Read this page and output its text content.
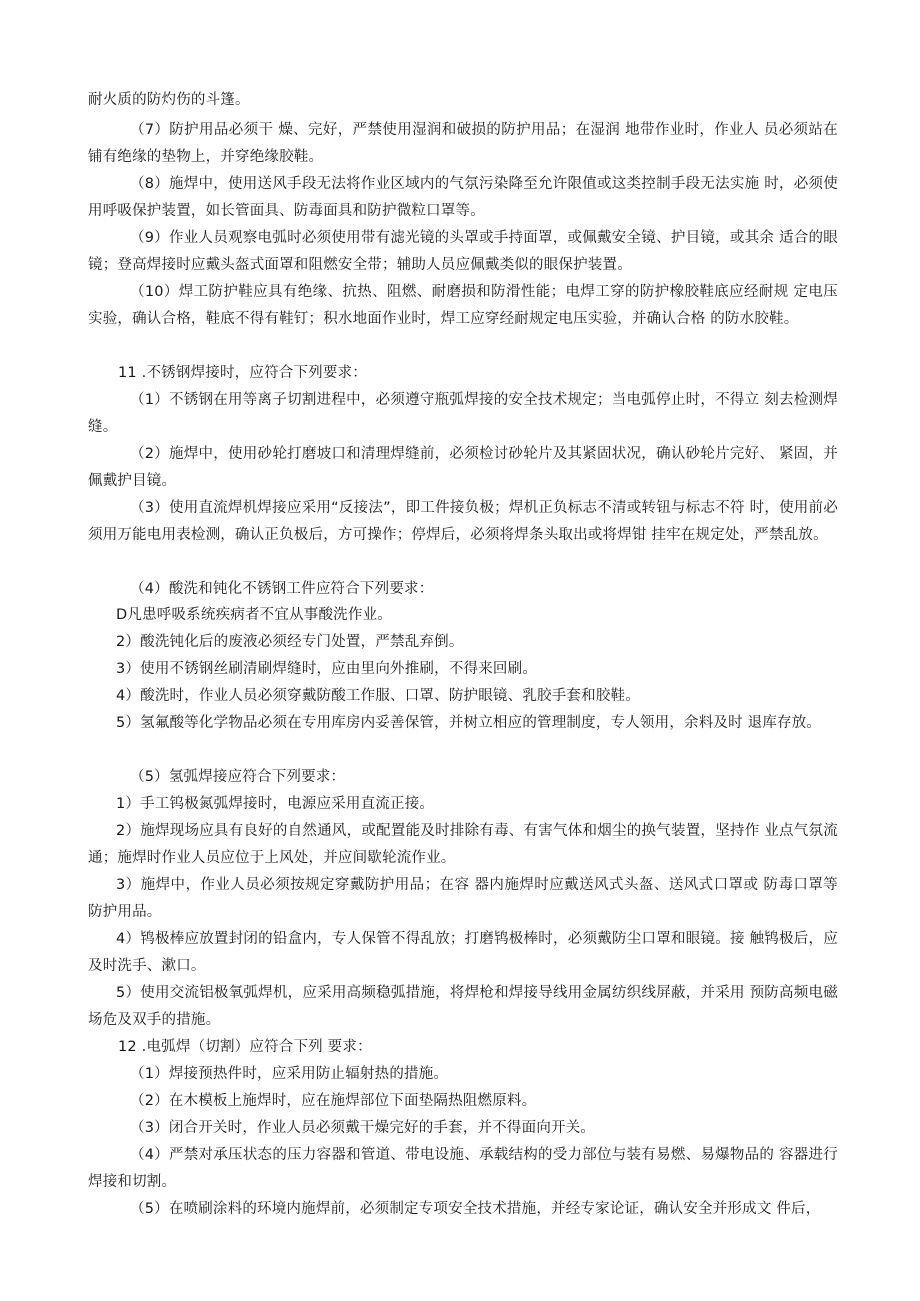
耐火质的防灼伤的斗篷。
（7）防护用品必须干 燥、完好，严禁使用湿润和破损的防护用品；在湿润 地带作业时，作业人 员必须站在铺有绝缘的垫物上，并穿绝缘胶鞋。
（8）施焊中，使用送风手段无法将作业区域内的气氛污染降至允许限值或这类控制手段无法实施 时，必须使用呼吸保护装置，如长管面具、防毒面具和防护微粒口罩等。
（9）作业人员观察电弧时必须使用带有滤光镜的头罩或手持面罩，或佩戴安全镜、护目镜，或其余 适合的眼镜；登高焊接时应戴头盔式面罩和阻燃安全带；辅助人员应佩戴类似的眼保护装置。
（10）焊工防护鞋应具有绝缘、抗热、阻燃、耐磨损和防滑性能；电焊工穿的防护橡胶鞋底应经耐规 定电压实验，确认合格，鞋底不得有鞋钉；积水地面作业时，焊工应穿经耐规定电压实验，并确认合格 的防水胶鞋。
11 .不锈钢焊接时，应符合下列要求：
（1）不锈钢在用等离子切割进程中，必须遵守瓶弧焊接的安全技术规定；当电弧停止时，不得立 刻去检测焊缝。
（2）施焊中，使用砂轮打磨坡口和清理焊缝前，必须检讨砂轮片及其紧固状况，确认砂轮片完好、 紧固，并佩戴护目镜。
（3）使用直流焊机焊接应采用“反接法”，即工件接负极；焊机正负标志不清或转钮与标志不符 时，使用前必须用万能电用表检测，确认正负极后，方可操作；停焊后，必须将焊条头取出或将焊钳 挂牢在规定处，严禁乱放。
（4）酸洗和钝化不锈钢工件应符合下列要求：
D凡患呼吸系统疾病者不宜从事酸洗作业。
2）酸洗钝化后的废液必须经专门处置，严禁乱弃倒。
3）使用不锈钢丝刷清刷焊缝时，应由里向外推刷，不得来回刷。
4）酸洗时，作业人员必须穿戴防酸工作服、口罩、防护眼镜、乳胶手套和胶鞋。
5）氢氟酸等化学物品必须在专用库房内妥善保管，并树立相应的管理制度，专人领用，余料及时 退库存放。
（5）氢弧焊接应符合下列要求：
1）手工钨极氮弧焊接时，电源应采用直流正接。
2）施焊现场应具有良好的自然通风，或配置能及时排除有毒、有害气体和烟尘的换气装置，坚持作 业点气氛流通；施焊时作业人员应位于上风处，并应间歇轮流作业。
3）施焊中，作业人员必须按规定穿戴防护用品；在容 器内施焊时应戴送风式头盔、送风式口罩或 防毒口罩等防护用品。
4）鸨极棒应放置封闭的铅盒内，专人保管不得乱放；打磨鸨极棒时，必须戴防尘口罩和眼镜。接 触鸨极后，应及时洗手、漱口。
5）使用交流铝极氧弧焊机，应采用高频稳弧措施，将焊枪和焊接导线用金属纺织线屏蔽，并采用 预防高频电磁场危及双手的措施。
12 .电弧焊（切割）应符合下列 要求：
（1）焊接预热件时，应采用防止辐射热的措施。
（2）在木模板上施焊时，应在施焊部位下面垫隔热阻燃原料。
（3）闭合开关时，作业人员必须戴干燥完好的手套，并不得面向开关。
（4）严禁对承压状态的压力容器和管道、带电设施、承载结构的受力部位与装有易燃、易爆物品的 容器进行焊接和切割。
（5）在喷刷涂料的环境内施焊前，必须制定专项安全技术措施，并经专家论证，确认安全并形成文 件后，
